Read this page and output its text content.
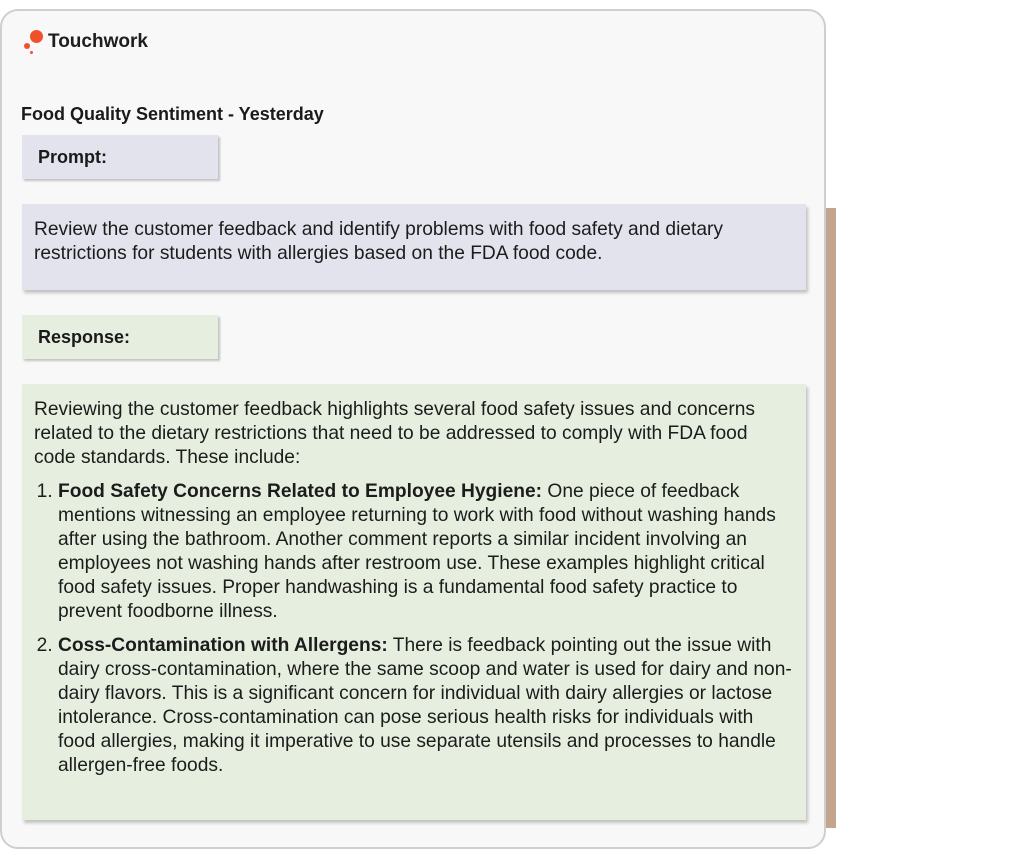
Touchwork
Food Quality Sentiment - Yesterday
Prompt:
Review the customer feedback and identify problems with food safety and dietary restrictions for students with allergies based on the FDA food code.
Response:

Reviewing the customer feedback highlights several food safety issues and concerns related to the dietary restrictions that need to be addressed to comply with FDA food code standards. These include:

1. Food Safety Concerns Related to Employee Hygiene: One piece of feedback mentions witnessing an employee returning to work with food without washing hands after using the bathroom. Another comment reports a similar incident involving an employees not washing hands after restroom use. These examples highlight critical food safety issues. Proper handwashing is a fundamental food safety practice to prevent foodborne illness.
2. Coss-Contamination with Allergens: There is feedback pointing out the issue with dairy cross-contamination, where the same scoop and water is used for dairy and non-dairy flavors. This is a significant concern for individual with dairy allergies or lactose intolerance. Cross-contamination can pose serious health risks for individuals with food allergies, making it imperative to use separate utensils and processes to handle allergen-free foods.
